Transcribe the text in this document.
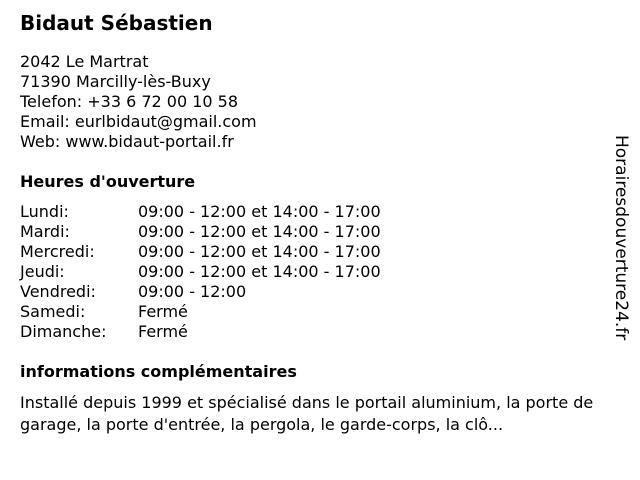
Bidaut Sébastien
2042 Le Martrat
71390 Marcilly-lès-Buxy
Telefon: +33 6 72 00 10 58
Email: eurlbidaut@gmail.com
Web: www.bidaut-portail.fr
Heures d'ouverture
Lundi:	09:00 - 12:00 et 14:00 - 17:00
Mardi:	09:00 - 12:00 et 14:00 - 17:00
Mercredi:	09:00 - 12:00 et 14:00 - 17:00
Jeudi:	09:00 - 12:00 et 14:00 - 17:00
Vendredi:	09:00 - 12:00
Samedi:	Fermé
Dimanche:	Fermé
informations complémentaires
Installé depuis 1999 et spécialisé dans le portail aluminium, la porte de garage, la porte d'entrée, la pergola, le garde-corps, la clô...
Horairesdouverture24.fr
